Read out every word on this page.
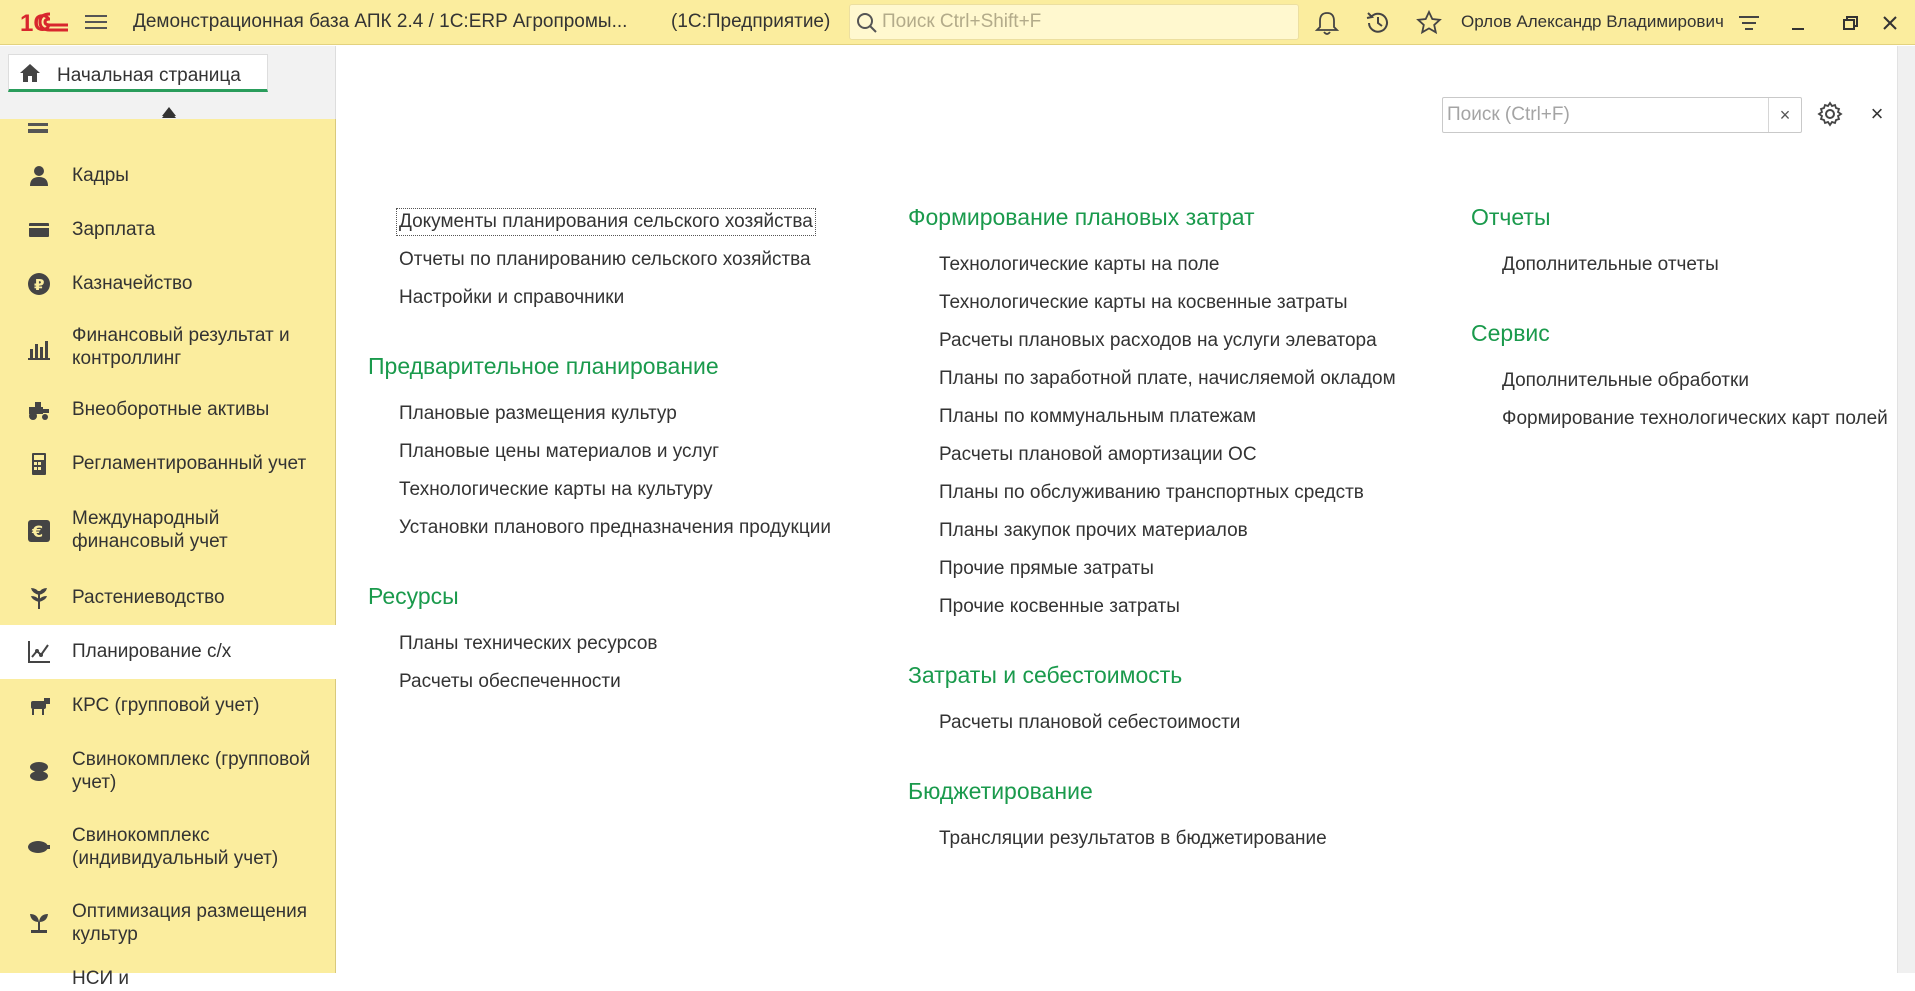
1С	Демонстрационная база АПК 2.4 / 1С:ERP Агропромы... (1С:Предприятие)
Поиск Ctrl+Shift+F	Орлов Александр Владимирович
Начальная страница
Кадры
Зарплата
₽ Казначейство
Финансовый результат и контроллинг
Внеоборотные активы
Регламентированный учет
€
Международный финансовый учет
Растениеводство
Планирование с/х
КРС (групповой учет)
Свинокомплекс (групповой учет)
Свинокомплекс (индивидуальный учет)
Оптимизация размещения культур
НСИ и
Поиск (Ctrl+F)
×	×
Документы планирования сельского хозяйства
Отчеты по планированию сельского хозяйства
Настройки и справочники
Предварительное планирование
Плановые размещения культур
Плановые цены материалов и услуг
Технологические карты на культуру
Установки планового предназначения продукции
Ресурсы
Планы технических ресурсов
Расчеты обеспеченности
Формирование плановых затрат
Технологические карты на поле
Технологические карты на косвенные затраты
Расчеты плановых расходов на услуги элеватора
Планы по заработной плате, начисляемой окладом
Планы по коммунальным платежам
Расчеты плановой амортизации ОС
Планы по обслуживанию транспортных средств
Планы закупок прочих материалов
Прочие прямые затраты
Прочие косвенные затраты
Затраты и себестоимость
Расчеты плановой себестоимости
Бюджетирование
Трансляции результатов в бюджетирование
Отчеты
Дополнительные отчеты
Сервис
Дополнительные обработки
Формирование технологических карт полей
